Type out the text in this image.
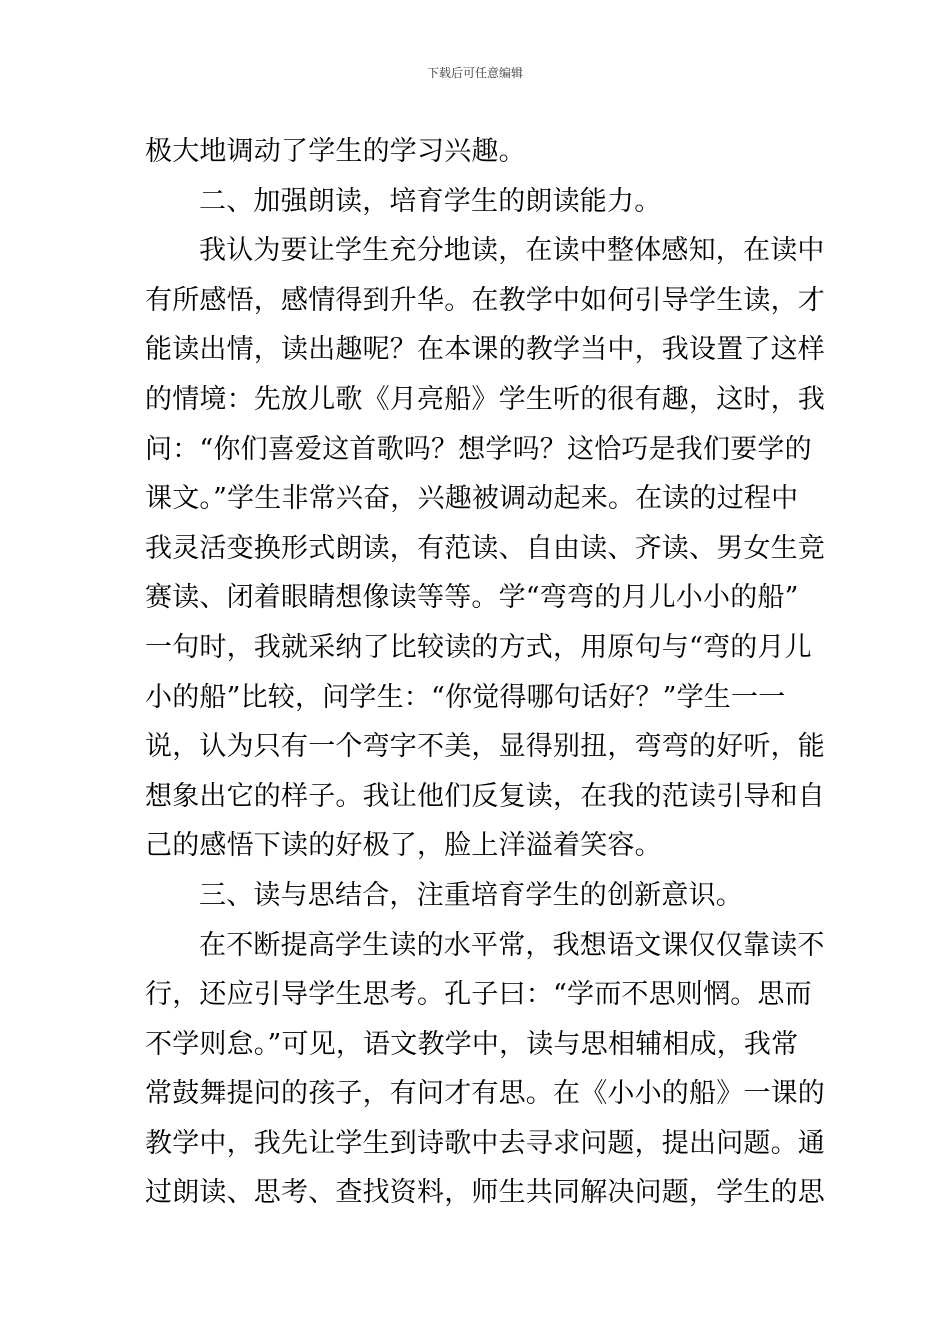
下载后可任意编辑
极大地调动了学生的学习兴趣。
二、加强朗读，培育学生的朗读能力。
我认为要让学生充分地读，在读中整体感知，在读中
有所感悟，感情得到升华。在教学中如何引导学生读，才
能读出情，读出趣呢？在本课的教学当中，我设置了这样
的情境：先放儿歌《月亮船》学生听的很有趣，这时，我
问：“你们喜爱这首歌吗？想学吗？这恰巧是我们要学的
课文。”学生非常兴奋，兴趣被调动起来。在读的过程中
我灵活变换形式朗读，有范读、自由读、齐读、男女生竞
赛读、闭着眼睛想像读等等。学“弯弯的月儿小小的船”
一句时，我就采纳了比较读的方式，用原句与“弯的月儿
小的船”比较，问学生：“你觉得哪句话好？”学生一一
说，认为只有一个弯字不美，显得别扭，弯弯的好听，能
想象出它的样子。我让他们反复读，在我的范读引导和自
己的感悟下读的好极了，脸上洋溢着笑容。
三、读与思结合，注重培育学生的创新意识。
在不断提高学生读的水平常，我想语文课仅仅靠读不
行，还应引导学生思考。孔子曰：“学而不思则惘。思而
不学则怠。”可见，语文教学中，读与思相辅相成，我常
常鼓舞提问的孩子，有问才有思。在《小小的船》一课的
教学中，我先让学生到诗歌中去寻求问题，提出问题。通
过朗读、思考、查找资料，师生共同解决问题，学生的思
